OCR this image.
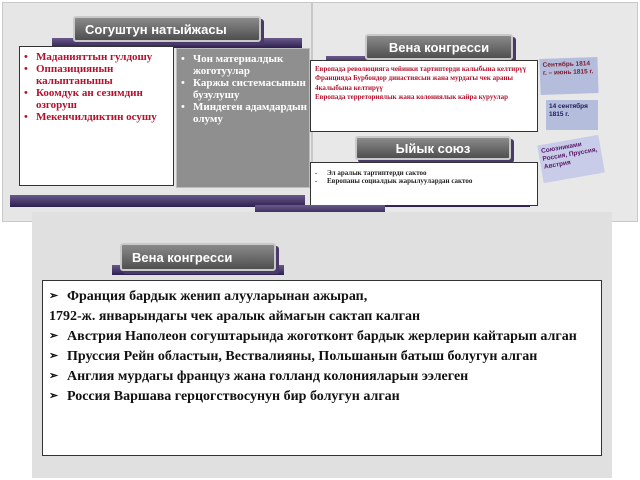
Согуштун натыйжасы
• Маданияттын гулдошу
• Оппазициянын калыптанышы
• Коомдук ан сезимдин озгоруш
• Мекенчилдиктин осушу
• Чон материалдык жоготуулар
• Каржы системасынын бузулушу
• Миндеген адамдардын олуму
Вена конгресси
Европада революцияга чейинки тартиптерди калыбына келтирүү
Францияда Бурбондор династиясын жана мурдагы чек араны 4калыбына келтирүү
Европада терреториялык жана колониялык кайра куруулар
Сентябрь 1814 г. – июнь 1815 г.
14 сентября 1815 г.
Союзниками Россия, Пруссия, Австрия
Ыйык союз
- Эл аралык тартиптерди сактоо
- Европаны социалдык жарылуулардан сактоо
Вена конгресси
➢ Франция бардык женип алууларынан ажырап,
1792-ж. январындагы чек аралык аймагын сактап калган
➢ Австрия Наполеон согуштарында жоготконт бардык жерлерин кайтарып алган
➢ Пруссия Рейн областын, Вествалияны, Польшанын батыш болугун алган
➢ Англия мурдагы француз жана голланд колонияларын ээлеген
➢ Россия Варшава герцогствосунун бир болугун алган
